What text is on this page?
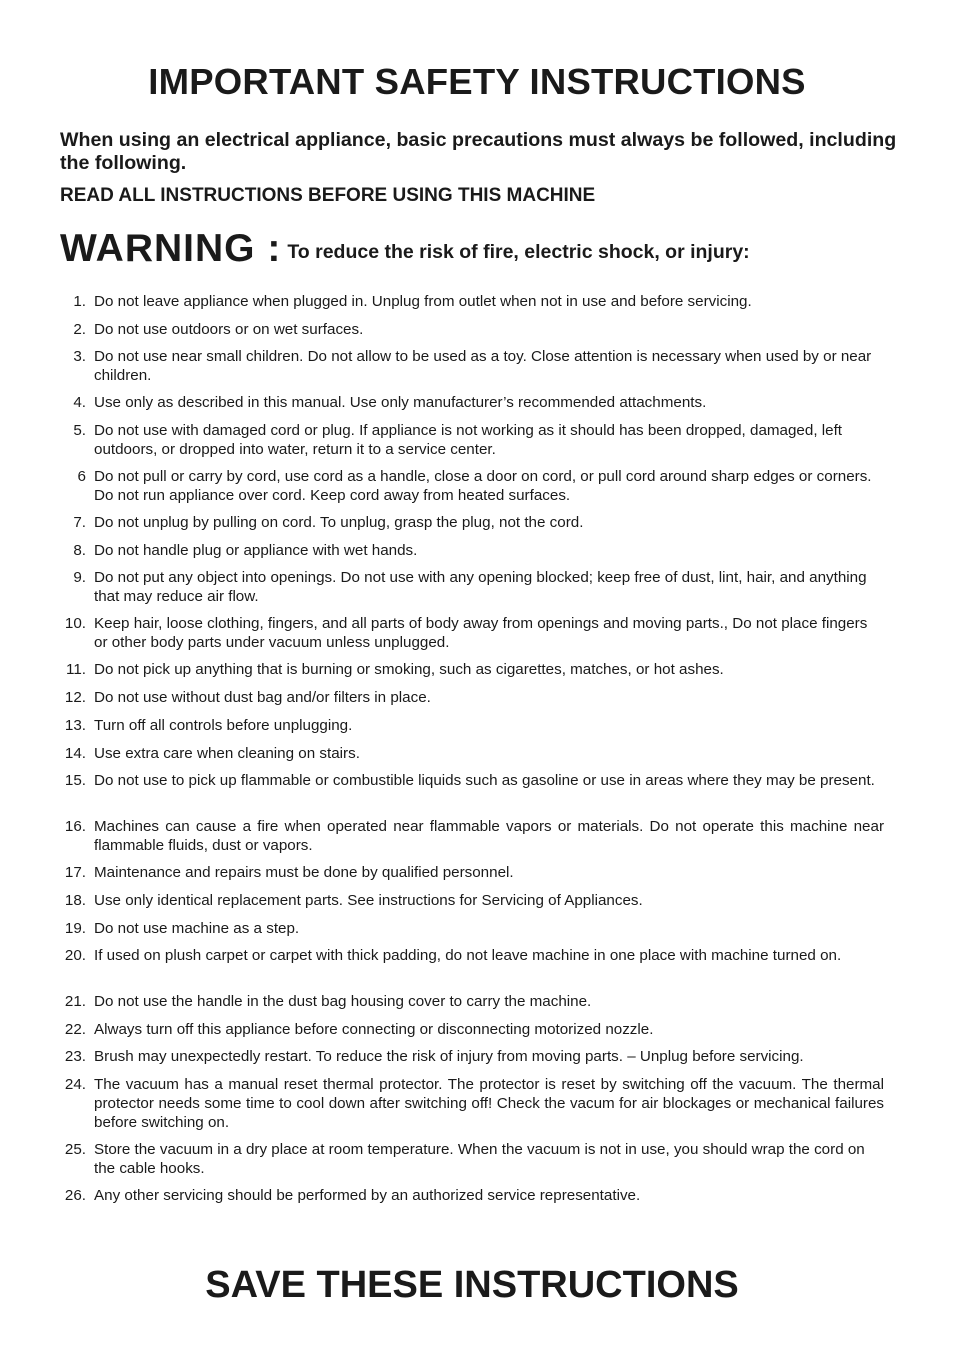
IMPORTANT SAFETY INSTRUCTIONS

When using an electrical appliance, basic precautions must always be followed, including the following.

READ ALL INSTRUCTIONS BEFORE USING THIS MACHINE

WARNING : To reduce the risk of fire, electric shock, or injury:

1. Do not leave appliance when plugged in. Unplug from outlet when not in use and before servicing.
2. Do not use outdoors or on wet surfaces.
3. Do not use near small children. Do not allow to be used as a toy. Close attention is necessary when used by or near children.
4. Use only as described in this manual. Use only manufacturer’s recommended attachments.
5. Do not use with damaged cord or plug. If appliance is not working as it should has been dropped, damaged, left outdoors, or dropped into water, return it to a service center.
6 Do not pull or carry by cord, use cord as a handle, close a door on cord, or pull cord around sharp edges or corners. Do not run appliance over cord. Keep cord away from heated surfaces.
7. Do not unplug by pulling on cord. To unplug, grasp the plug, not the cord.
8. Do not handle plug or appliance with wet hands.
9. Do not put any object into openings. Do not use with any opening blocked; keep free of dust, lint, hair, and anything that may reduce air flow.
10. Keep hair, loose clothing, fingers, and all parts of body away from openings and moving parts., Do not place fingers or other body parts under vacuum unless unplugged.
11. Do not pick up anything that is burning or smoking, such as cigarettes, matches, or hot ashes.
12. Do not use without dust bag and/or filters in place.
13. Turn off all controls before unplugging.
14. Use extra care when cleaning on stairs.
15. Do not use to pick up flammable or combustible liquids such as gasoline or use in areas where they may be present.
16. Machines can cause a fire when operated near flammable vapors or materials. Do not operate this machine near flammable fluids, dust or vapors.
17. Maintenance and repairs must be done by qualified personnel.
18. Use only identical replacement parts. See instructions for Servicing of Appliances.
19. Do not use machine as a step.
20. If used on plush carpet or carpet with thick padding, do not leave machine in one place with machine turned on.
21. Do not use the handle in the dust bag housing cover to carry the machine.
22. Always turn off this appliance before connecting or disconnecting motorized nozzle.
23. Brush may unexpectedly restart. To reduce the risk of injury from moving parts. – Unplug before servicing.
24. The vacuum has a manual reset thermal protector. The protector is reset by switching off the vacuum. The thermal protector needs some time to cool down after switching off! Check the vacum for air blockages or mechanical failures before switching on.
25. Store the vacuum in a dry place at room temperature. When the vacuum is not in use, you should wrap the cord on the cable hooks.
26. Any other servicing should be performed by an authorized service representative.
SAVE THESE INSTRUCTIONS
